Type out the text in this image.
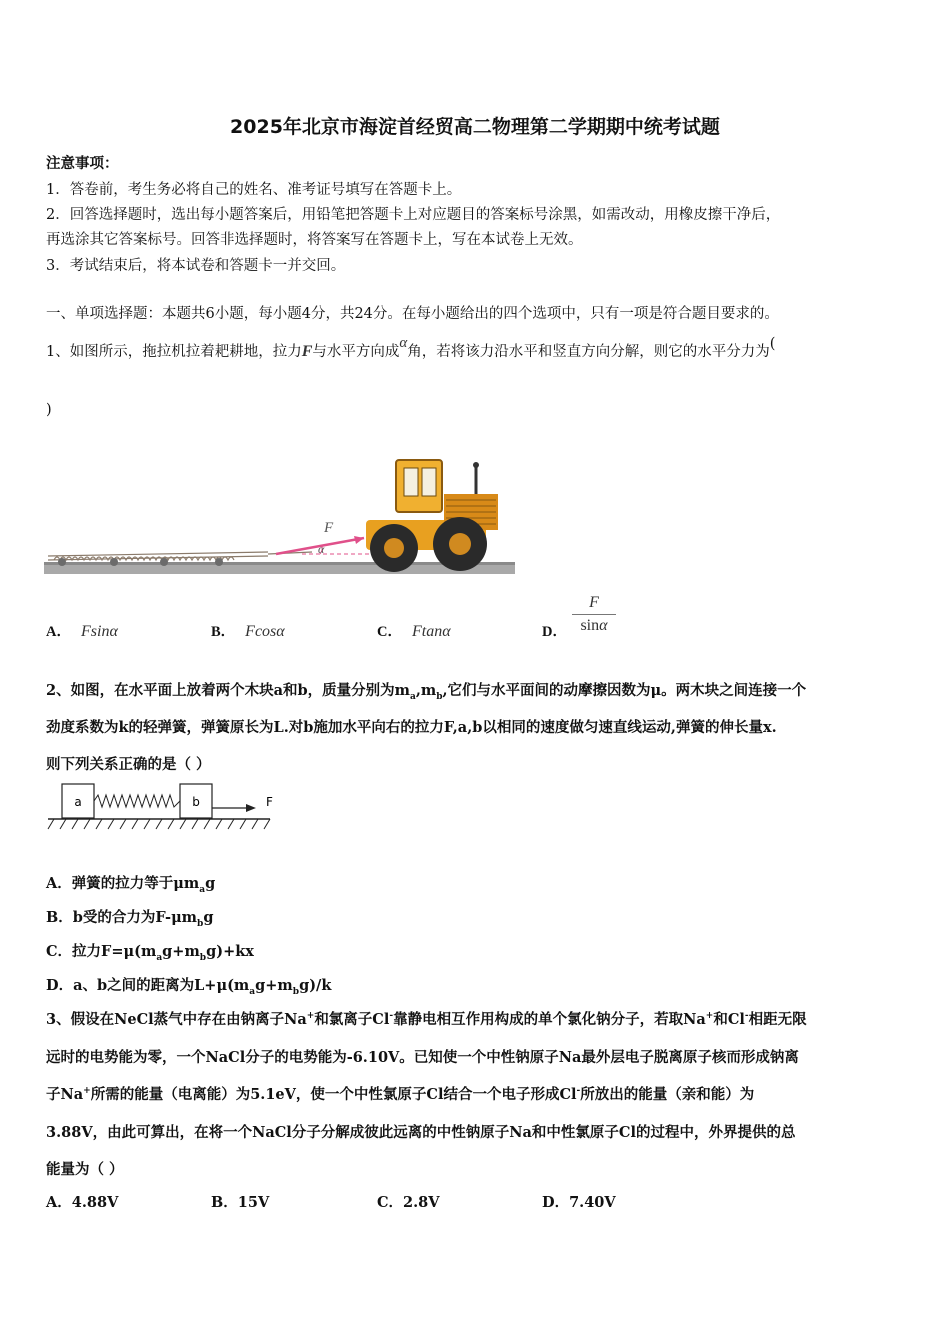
2025年北京市海淀首经贸高二物理第二学期期中统考试题
注意事项：
1．答卷前，考生务必将自己的姓名、准考证号填写在答题卡上。
2．回答选择题时，选出每小题答案后，用铅笔把答题卡上对应题目的答案标号涂黑，如需改动，用橡皮擦干净后，
再选涂其它答案标号。回答非选择题时，将答案写在答题卡上，写在本试卷上无效。
3．考试结束后，将本试卷和答题卡一并交回。
一、单项选择题：本题共6小题，每小题4分，共24分。在每小题给出的四个选项中，只有一项是符合题目要求的。
1、如图所示，拖拉机拉着耙耕地，拉力F与水平方向成α角，若将该力沿水平和竖直方向分解，则它的水平分力为(
)
F
α
A． Fsinα	B． Fcosα	C． Ftanα	D． $\frac{F}{\sin\alpha}$
2、如图，在水平面上放着两个木块a和b，质量分别为$m_a,m_b$,它们与水平面间的动摩擦因数为μ。两木块之间连接一个
劲度系数为k的轻弹簧，弹簧原长为L.对b施加水平向右的拉力F,a,b以相同的速度做匀速直线运动,弹簧的伸长量x.
则下列关系正确的是（ ）
a	b	F
A．弹簧的拉力等于$\mu m_ag$
B．b受的合力为$F-\mu m_bg$
C．拉力$F=\mu(m_ag+m_bg)+kx$
D．a、b之间的距离为$L+\mu(m_ag+m_bg)/k$
3、假设在NeCl蒸气中存在由钠离子Na+和氯离子Cl-靠静电相互作用构成的单个氯化钠分子，若取Na+和Cl-相距无限
远时的电势能为零，一个NaCl分子的电势能为-6.10V。已知使一个中性钠原子Na最外层电子脱离原子核而形成钠离
子Na+所需的能量（电离能）为5.1eV，使一个中性氯原子Cl结合一个电子形成Cl-所放出的能量（亲和能）为
3.88V，由此可算出，在将一个NaCl分子分解成彼此远离的中性钠原子Na和中性氯原子Cl的过程中，外界提供的总
能量为（ ）
A．4.88V	B．15V	C．2.8V	D．7.40V
